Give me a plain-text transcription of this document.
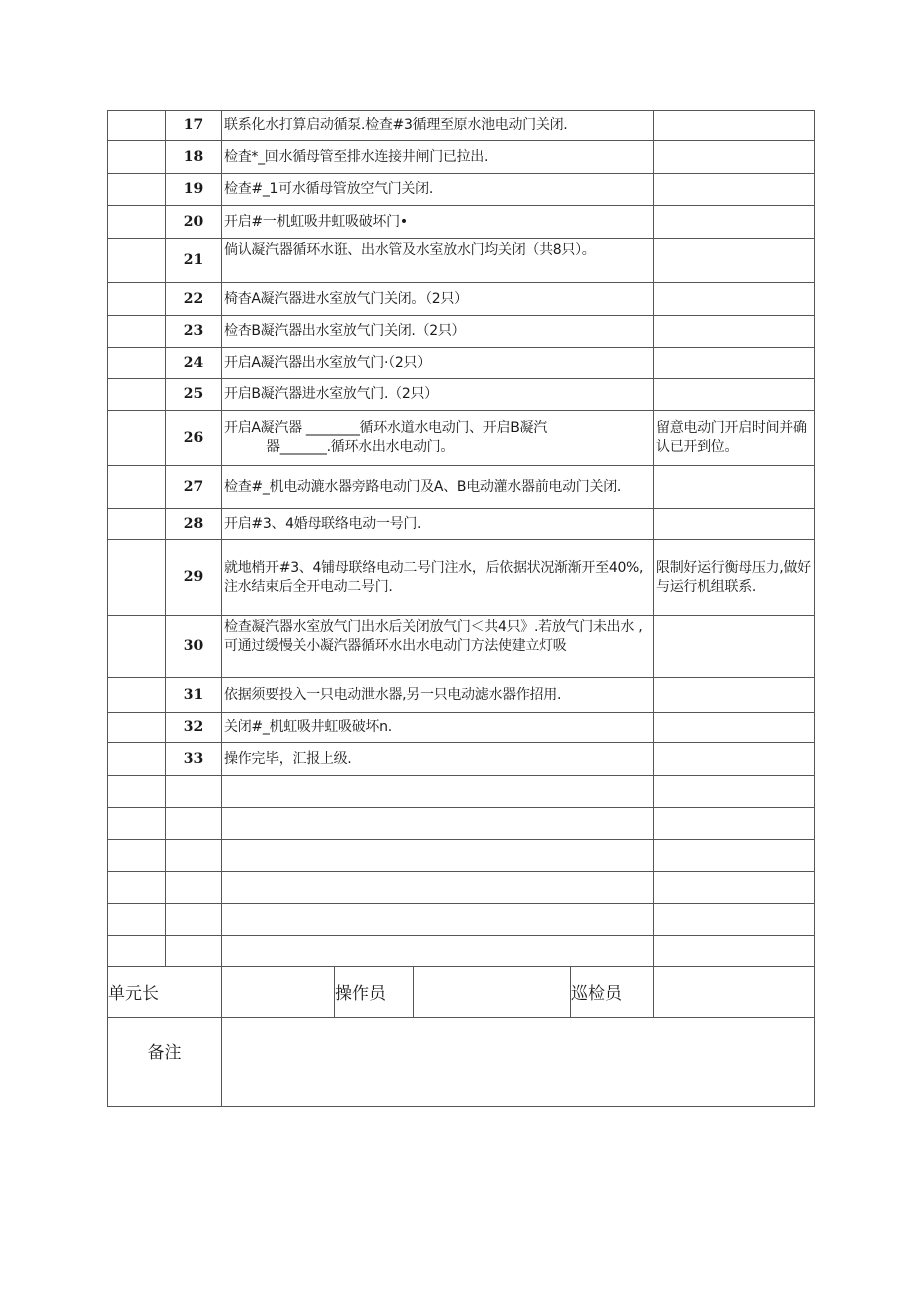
	17	联系化水打算启动循泵.检查#3循理至原水池电动门关闭.	
	18	检査*_回水循母管至排水连接井闸门已拉出.	
	19	检查#_1可水循母管放空气门关闭.	
	20	开启#一机虹吸井虹吸破坏门•	
	21	倘认凝汽器循环水诳、出水管及水室放水门均关闭（共8只）。	
	22	椅杳A凝汽器进水室放气门关闭。（2只）	
	23	检杏B凝汽器出水室放气门关闭.（2只）	
	24	开启A凝汽器出水室放气门·（2只）	
	25	开启B凝汽器进水室放气门.（2只）	
	26	开启A凝汽器 ________循环水道水电动门、开启B凝汽
器_______.循环水出水电动门。	留意电动门开启时间并确认已开到位。
	27	检查#_机电动漉水器旁路电动门及A、B电动灌水器前电动门关闭.	
	28	开启#3、4婚母联络电动一号门.	
	29	就地梢开#3、4铺母联络电动二号门注水，后依据状况渐渐开至40%,注水结束后全开电动二号门.	限制好运行衡母压力,做好与运行机组联系.
	30	检查凝汽器水室放气门出水后关闭放气门＜共4只》.若放气门未出水 ,可通过缓慢关小凝汽器循环水出水电动门方法使建立灯吸	
	31	依据须要投入一只电动泄水器,另一只电动滤水器作招用.	
	32	关闭#_机虹吸井虹吸破坏n.	
	33	操作完毕，汇报上级.	

单元长		操作员		巡检员	
备注	
